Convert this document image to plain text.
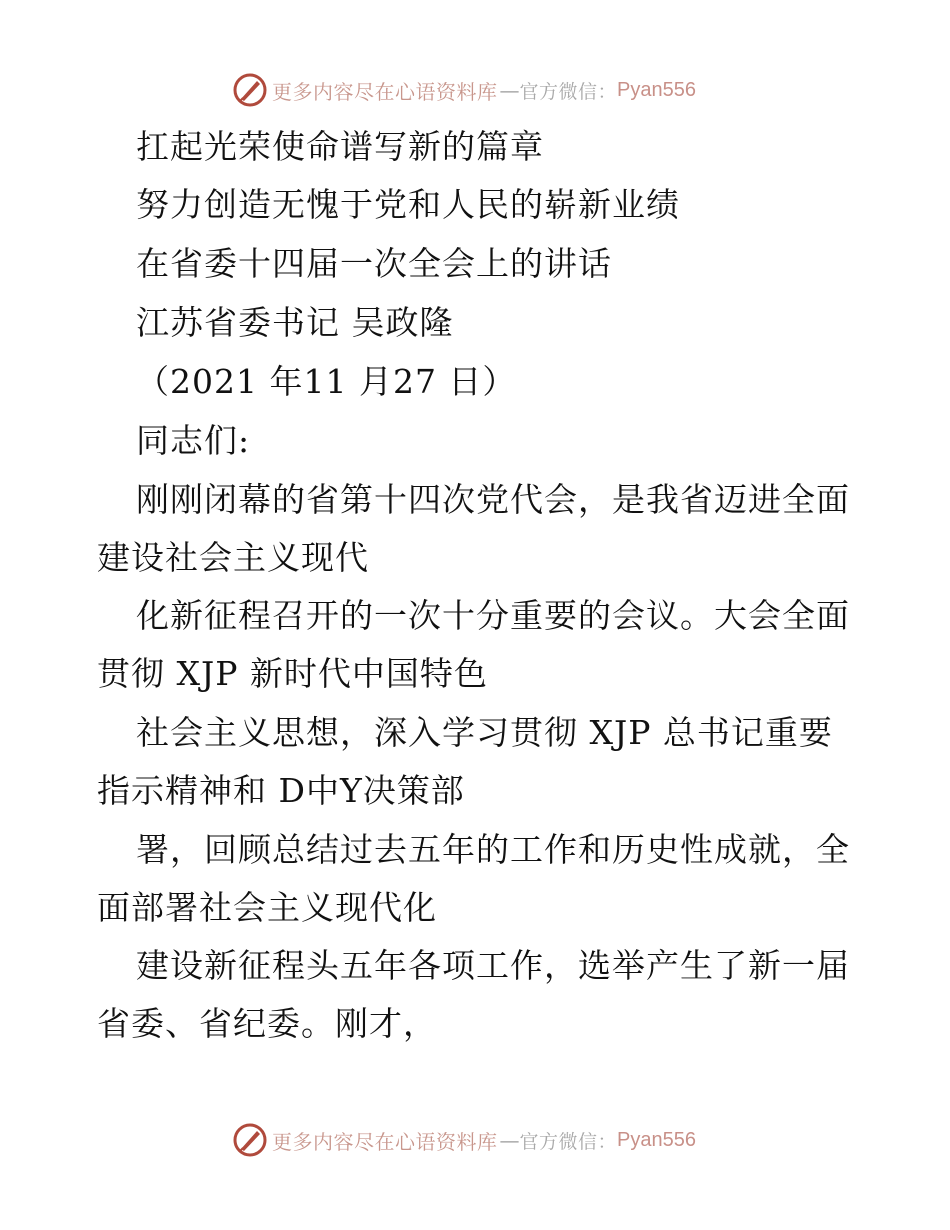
更多内容尽在心语资料库 — 官方微信： Pyan556
扛起光荣使命谱写新的篇章
努力创造无愧于党和人民的崭新业绩
在省委十四届一次全会上的讲话
江苏省委书记 吴政隆
（2021 年11 月27 日）
同志们:
刚刚闭幕的省第十四次党代会，是我省迈进全面
建设社会主义现代
化新征程召开的一次十分重要的会议。大会全面
贯彻 XJP 新时代中国特色
社会主义思想，深入学习贯彻 XJP 总书记重要
指示精神和 D中Y决策部
署，回顾总结过去五年的工作和历史性成就，全
面部署社会主义现代化
建设新征程头五年各项工作，选举产生了新一届
省委、省纪委。刚才，
更多内容尽在心语资料库 — 官方微信： Pyan556
